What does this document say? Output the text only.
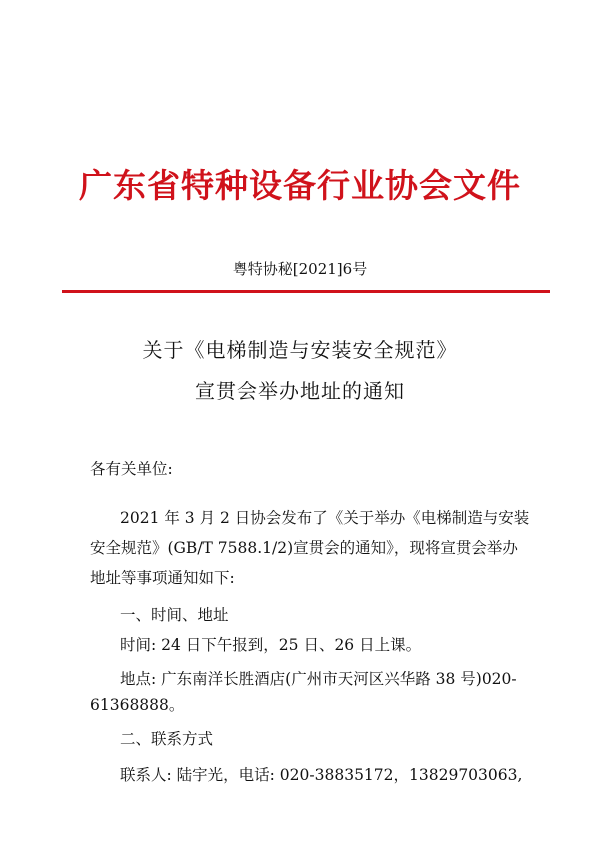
广东省特种设备行业协会文件
粤特协秘[2021]6号
关于《电梯制造与安装安全规范》
宣贯会举办地址的通知
各有关单位:
2021 年 3 月 2 日协会发布了《关于举办《电梯制造与安装
安全规范》(GB/T 7588.1/2)宣贯会的通知》，现将宣贯会举办
地址等事项通知如下:
一、时间、地址
时间: 24 日下午报到，25 日、26 日上课。
地点: 广东南洋长胜酒店(广州市天河区兴华路 38 号)020-
61368888。
二、联系方式
联系人: 陆宇光，电话: 020-38835172，13829703063,
